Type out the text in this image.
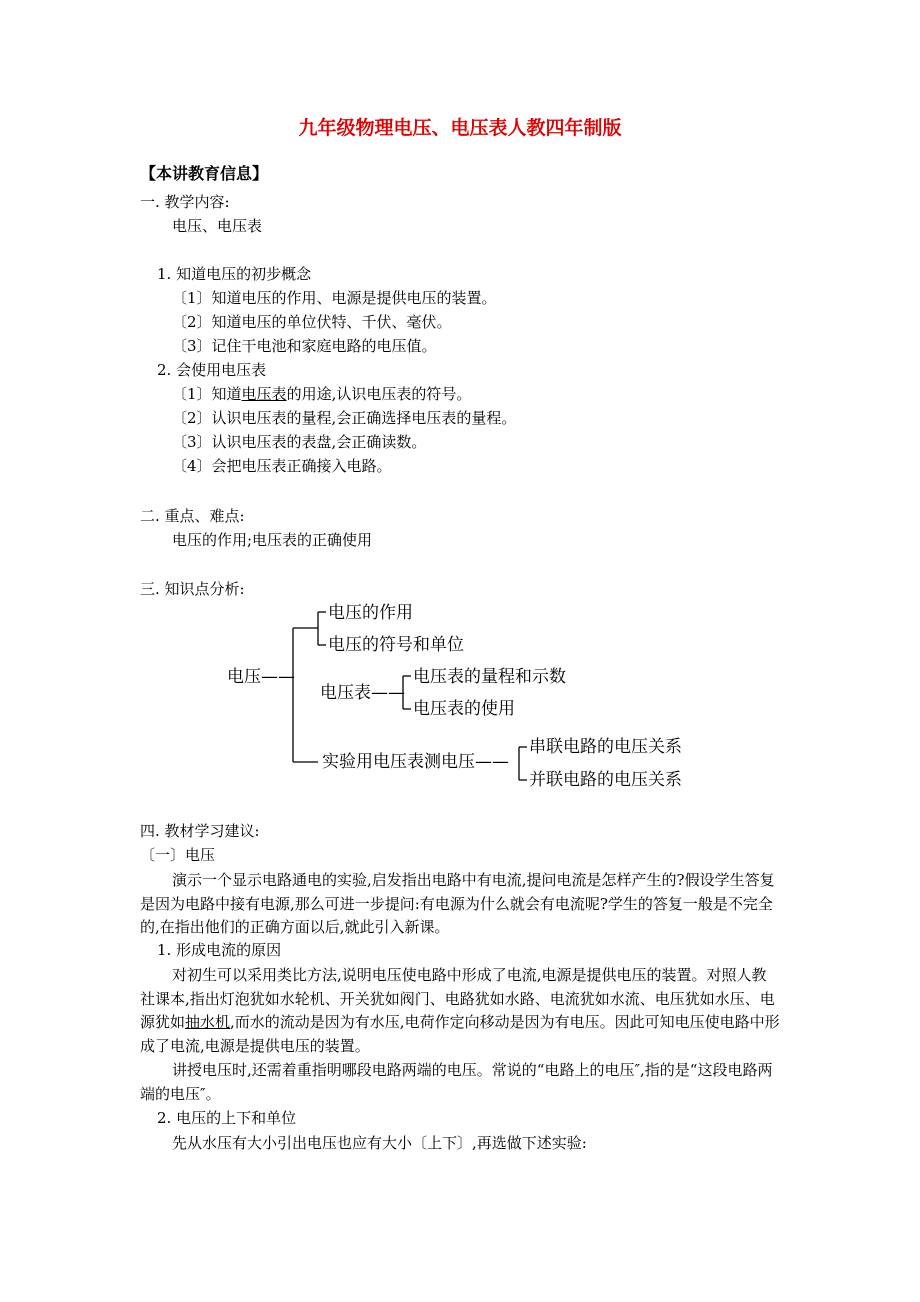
九年级物理电压、电压表人教四年制版
【本讲教育信息】
一. 教学内容:
电压、电压表
1. 知道电压的初步概念
〔1〕知道电压的作用、电源是提供电压的装置。
〔2〕知道电压的单位伏特、千伏、毫伏。
〔3〕记住干电池和家庭电路的电压值。
2. 会使用电压表
〔1〕知道电压表的用途,认识电压表的符号。
〔2〕认识电压表的量程,会正确选择电压表的量程。
〔3〕认识电压表的表盘,会正确读数。
〔4〕会把电压表正确接入电路。
二. 重点、难点:
电压的作用;电压表的正确使用
三. 知识点分析:
电压——
电压的作用
电压的符号和单位
电压表——
电压表的量程和示数
电压表的使用
实验用电压表测电压——
串联电路的电压关系
并联电路的电压关系
四. 教材学习建议:
〔一〕电压
演示一个显示电路通电的实验,启发指出电路中有电流,提问电流是怎样产生的?假设学生答复是因为电路中接有电源,那么可进一步提问:有电源为什么就会有电流呢?学生的答复一般是不完全的,在指出他们的正确方面以后,就此引入新课。
1. 形成电流的原因
对初生可以采用类比方法,说明电压使电路中形成了电流,电源是提供电压的装置。对照人教社课本,指出灯泡犹如水轮机、开关犹如阀门、电路犹如水路、电流犹如水流、电压犹如水压、电源犹如抽水机,而水的流动是因为有水压,电荷作定向移动是因为有电压。因此可知电压使电路中形成了电流,电源是提供电压的装置。
讲授电压时,还需着重指明哪段电路两端的电压。常说的“电路上的电压″,指的是“这段电路两端的电压″。
2. 电压的上下和单位
先从水压有大小引出电压也应有大小〔上下〕,再选做下述实验:
